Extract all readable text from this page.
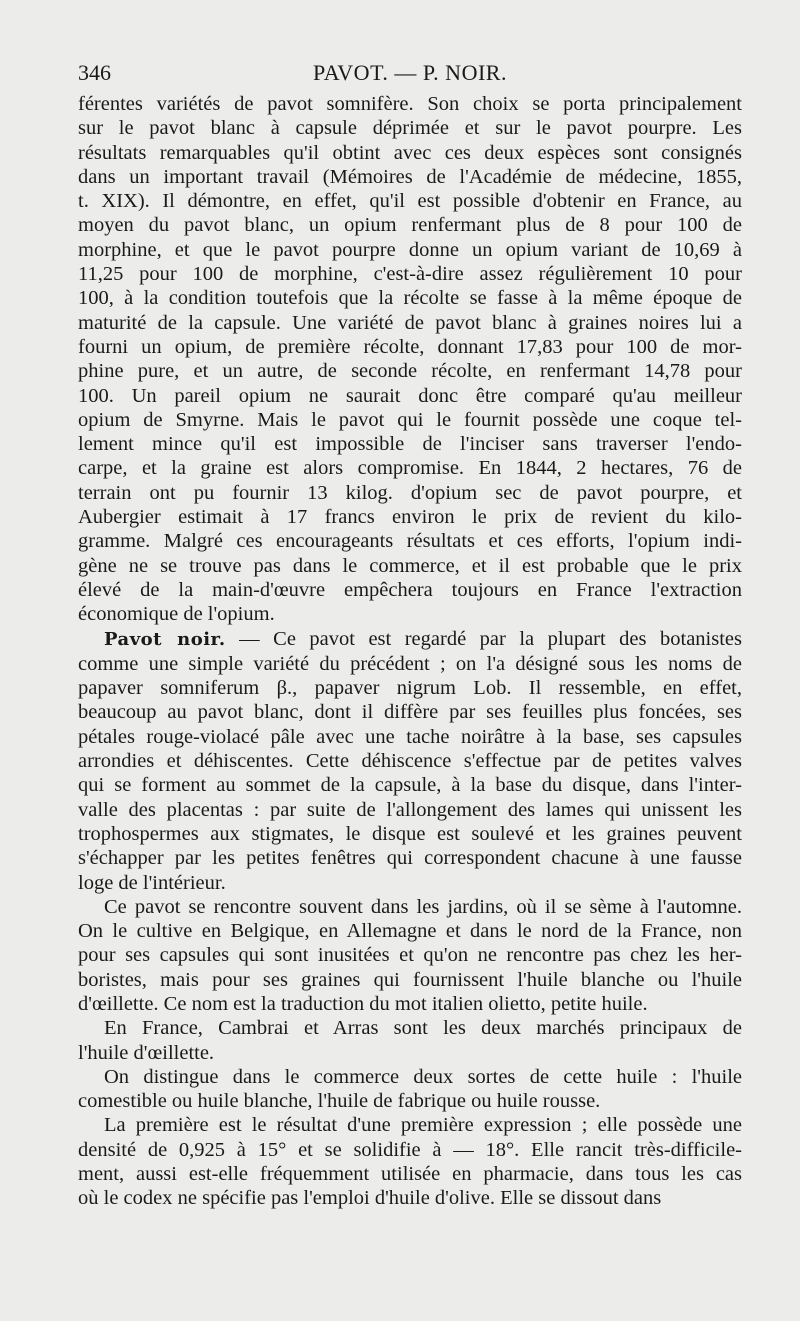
346	PAVOT. — P. NOIR.

férentes variétés de pavot somnifère. Son choix se porta principalement
sur le pavot blanc à capsule déprimée et sur le pavot pourpre. Les
résultats remarquables qu'il obtint avec ces deux espèces sont consignés
dans un important travail (Mémoires de l'Académie de médecine, 1855,
t. XIX). Il démontre, en effet, qu'il est possible d'obtenir en France, au
moyen du pavot blanc, un opium renfermant plus de 8 pour 100 de
morphine, et que le pavot pourpre donne un opium variant de 10,69 à
11,25 pour 100 de morphine, c'est-à-dire assez régulièrement 10 pour
100, à la condition toutefois que la récolte se fasse à la même époque de
maturité de la capsule. Une variété de pavot blanc à graines noires lui a
fourni un opium, de première récolte, donnant 17,83 pour 100 de mor-
phine pure, et un autre, de seconde récolte, en renfermant 14,78 pour
100. Un pareil opium ne saurait donc être comparé qu'au meilleur
opium de Smyrne. Mais le pavot qui le fournit possède une coque tel-
lement mince qu'il est impossible de l'inciser sans traverser l'endo-
carpe, et la graine est alors compromise. En 1844, 2 hectares, 76 de
terrain ont pu fournir 13 kilog. d'opium sec de pavot pourpre, et
Aubergier estimait à 17 francs environ le prix de revient du kilo-
gramme. Malgré ces encourageants résultats et ces efforts, l'opium indi-
gène ne se trouve pas dans le commerce, et il est probable que le prix
élevé de la main-d'œuvre empêchera toujours en France l'extraction
économique de l'opium.

Pavot noir. — Ce pavot est regardé par la plupart des botanistes
comme une simple variété du précédent ; on l'a désigné sous les noms de
papaver somniferum β., papaver nigrum Lob. Il ressemble, en effet,
beaucoup au pavot blanc, dont il diffère par ses feuilles plus foncées, ses
pétales rouge-violacé pâle avec une tache noirâtre à la base, ses capsules
arrondies et déhiscentes. Cette déhiscence s'effectue par de petites valves
qui se forment au sommet de la capsule, à la base du disque, dans l'inter-
valle des placentas : par suite de l'allongement des lames qui unissent les
trophospermes aux stigmates, le disque est soulevé et les graines peuvent
s'échapper par les petites fenêtres qui correspondent chacune à une fausse
loge de l'intérieur.

Ce pavot se rencontre souvent dans les jardins, où il se sème à l'automne.
On le cultive en Belgique, en Allemagne et dans le nord de la France, non
pour ses capsules qui sont inusitées et qu'on ne rencontre pas chez les her-
boristes, mais pour ses graines qui fournissent l'huile blanche ou l'huile
d'œillette. Ce nom est la traduction du mot italien olietto, petite huile.

En France, Cambrai et Arras sont les deux marchés principaux de
l'huile d'œillette.

On distingue dans le commerce deux sortes de cette huile : l'huile
comestible ou huile blanche, l'huile de fabrique ou huile rousse.

La première est le résultat d'une première expression ; elle possède une
densité de 0,925 à 15° et se solidifie à — 18°. Elle rancit très-difficile-
ment, aussi est-elle fréquemment utilisée en pharmacie, dans tous les cas
où le codex ne spécifie pas l'emploi d'huile d'olive. Elle se dissout dans
